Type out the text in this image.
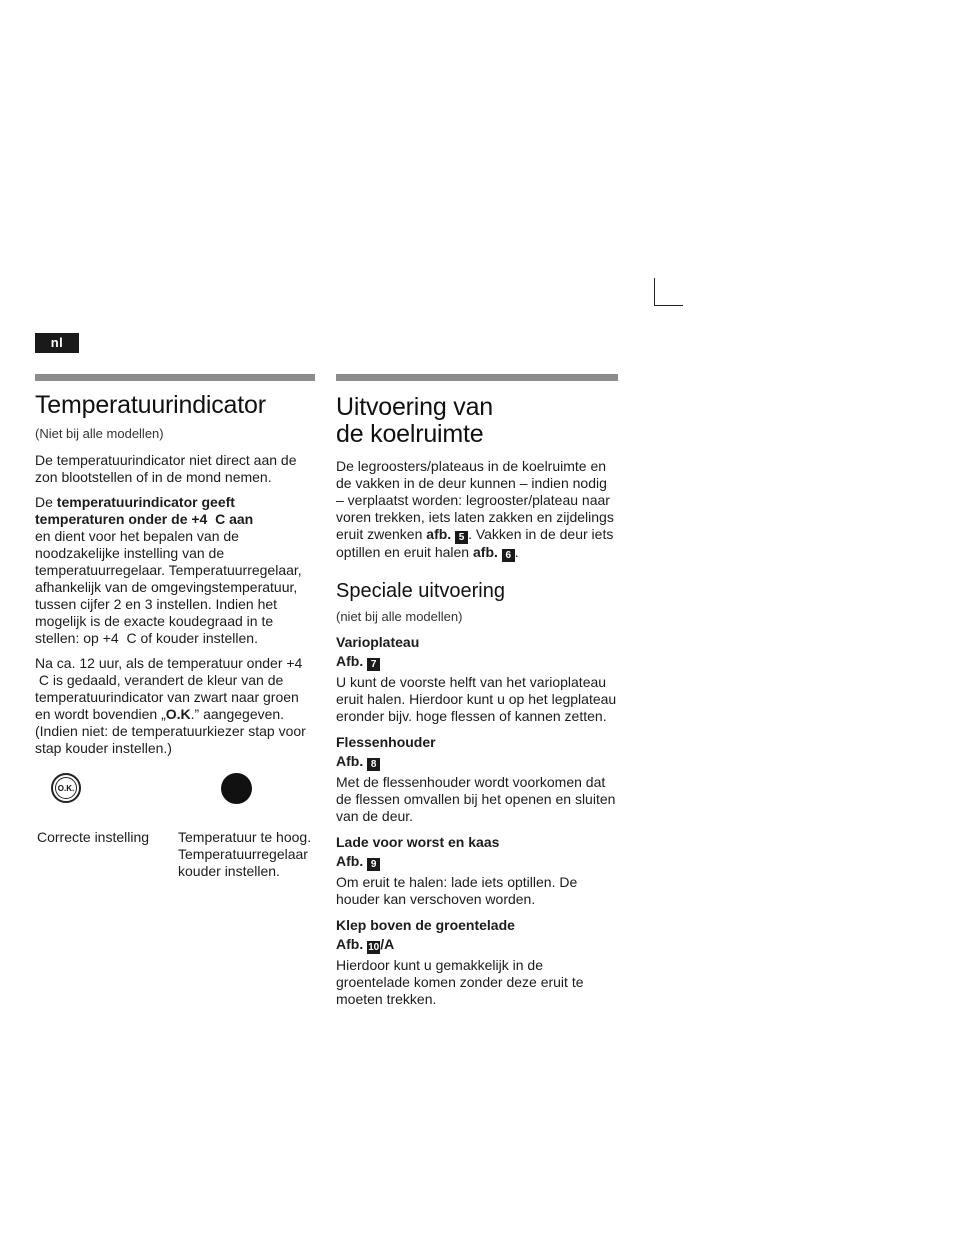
nl
Temperatuurindicator

(Niet bij alle modellen)

De temperatuurindicator niet direct aan de zon blootstellen of in de mond nemen.

De temperatuurindicator geeft temperaturen onder de +4  C aan
en dient voor het bepalen van de noodzakelijke instelling van de temperatuurregelaar. Temperatuurregelaar, afhankelijk van de omgevingstemperatuur, tussen cijfer 2 en 3 instellen. Indien het mogelijk is de exacte koudegraad in te stellen: op +4  C of kouder instellen.

Na ca. 12 uur, als de temperatuur onder +4  C is gedaald, verandert de kleur van de temperatuurindicator van zwart naar groen en wordt bovendien „O.K.” aangegeven. (Indien niet: de temperatuurkiezer stap voor stap kouder instellen.)

O.K.
Correcte instelling	Temperatuur te hoog. Temperatuurregelaar kouder instellen.
Uitvoering van
de koelruimte

De legroosters/plateaus in de koelruimte en de vakken in de deur kunnen – indien nodig – verplaatst worden: legrooster/plateau naar voren trekken, iets laten zakken en zijdelings eruit zwenken afb. 5 . Vakken in de deur iets optillen en eruit halen afb. 6 .

Speciale uitvoering

(niet bij alle modellen)

Varioplateau

Afb. 7

U kunt de voorste helft van het varioplateau eruit halen. Hierdoor kunt u op het legplateau eronder bijv. hoge flessen of kannen zetten.

Flessenhouder

Afb. 8

Met de flessenhouder wordt voorkomen dat de flessen omvallen bij het openen en sluiten van de deur.

Lade voor worst en kaas

Afb. 9

Om eruit te halen: lade iets optillen. De houder kan verschoven worden.

Klep boven de groentelade

Afb. 10/A

Hierdoor kunt u gemakkelijk in de groentelade komen zonder deze eruit te moeten trekken.
